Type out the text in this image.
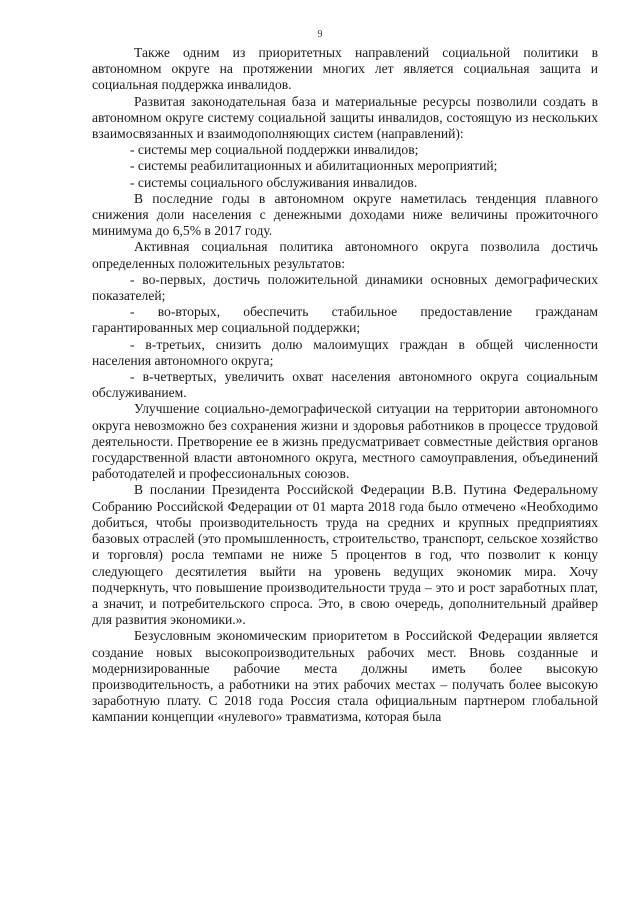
9

Также одним из приоритетных направлений социальной политики в автономном округе на протяжении многих лет является социальная защита и социальная поддержка инвалидов.

Развитая законодательная база и материальные ресурсы позволили создать в автономном округе систему социальной защиты инвалидов, состоящую из нескольких взаимосвязанных и взаимодополняющих систем (направлений):

- системы мер социальной поддержки инвалидов;

- системы реабилитационных и абилитационных мероприятий;

- системы социального обслуживания инвалидов.

В последние годы в автономном округе наметилась тенденция плавного снижения доли населения с денежными доходами ниже величины прожиточного минимума до 6,5% в 2017 году.

Активная социальная политика автономного округа позволила достичь определенных положительных результатов:

- во-первых, достичь положительной динамики основных демографических показателей;

- во-вторых, обеспечить стабильное предоставление гражданам гарантированных мер социальной поддержки;

- в-третьих, снизить долю малоимущих граждан в общей численности населения автономного округа;

- в-четвертых, увеличить охват населения автономного округа социальным обслуживанием.

Улучшение социально-демографической ситуации на территории автономного округа невозможно без сохранения жизни и здоровья работников в процессе трудовой деятельности. Претворение ее в жизнь предусматривает совместные действия органов государственной власти автономного округа, местного самоуправления, объединений работодателей и профессиональных союзов.

В послании Президента Российской Федерации В.В. Путина Федеральному Собранию Российской Федерации от 01 марта 2018 года было отмечено «Необходимо добиться, чтобы производительность труда на средних и крупных предприятиях базовых отраслей (это промышленность, строительство, транспорт, сельское хозяйство и торговля) росла темпами не ниже 5 процентов в год, что позволит к концу следующего десятилетия выйти на уровень ведущих экономик мира. Хочу подчеркнуть, что повышение производительности труда – это и рост заработных плат, а значит, и потребительского спроса. Это, в свою очередь, дополнительный драйвер для развития экономики.».

Безусловным экономическим приоритетом в Российской Федерации является создание новых высокопроизводительных рабочих мест. Вновь созданные и модернизированные рабочие места должны иметь более высокую производительность, а работники на этих рабочих местах – получать более высокую заработную плату. С 2018 года Россия стала официальным партнером глобальной кампании концепции «нулевого» травматизма, которая была
